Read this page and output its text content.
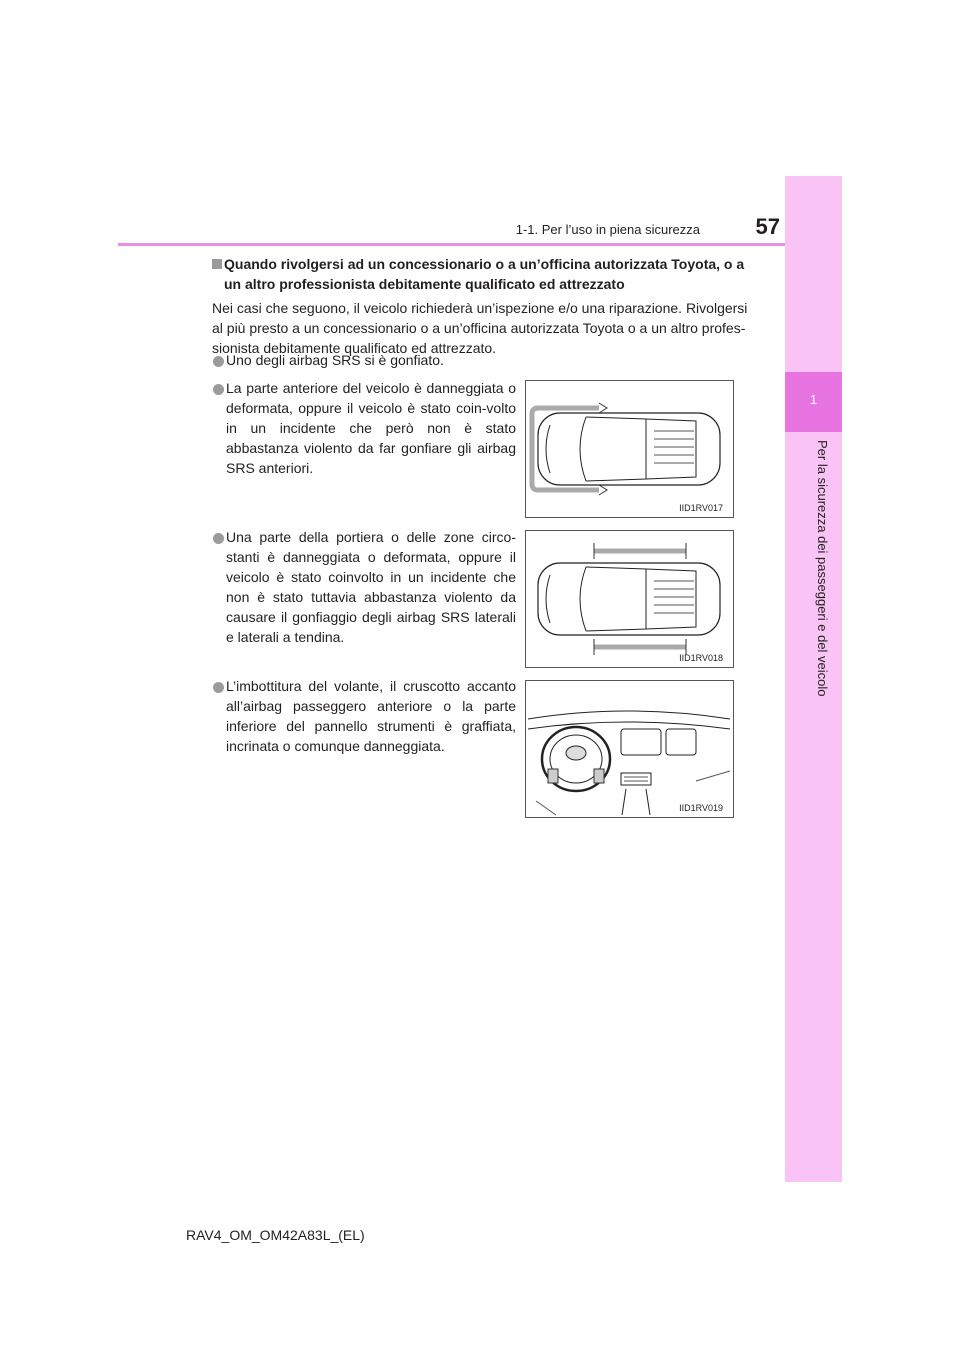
1
Per la sicurezza dei passeggeri e del veicolo
1-1. Per l’uso in piena sicurezza	57
Quando rivolgersi ad un concessionario o a un’officina autorizzata Toyota, o a un altro professionista debitamente qualificato ed attrezzato
Nei casi che seguono, il veicolo richiederà un’ispezione e/o una riparazione. Rivolgersi al più presto a un concessionario o a un’officina autorizzata Toyota o a un altro profes-sionista debitamente qualificato ed attrezzato.
Uno degli airbag SRS si è gonfiato.
La parte anteriore del veicolo è danneggiata o deformata, oppure il veicolo è stato coin-volto in un incidente che però non è stato abbastanza violento da far gonfiare gli airbag SRS anteriori.
Una parte della portiera o delle zone circo-stanti è danneggiata o deformata, oppure il veicolo è stato coinvolto in un incidente che non è stato tuttavia abbastanza violento da causare il gonfiaggio degli airbag SRS laterali e laterali a tendina.
L’imbottitura del volante, il cruscotto accanto all’airbag passeggero anteriore o la parte inferiore del pannello strumenti è graffiata, incrinata o comunque danneggiata.
IID1RV017
IID1RV018
IID1RV019
RAV4_OM_OM42A83L_(EL)
